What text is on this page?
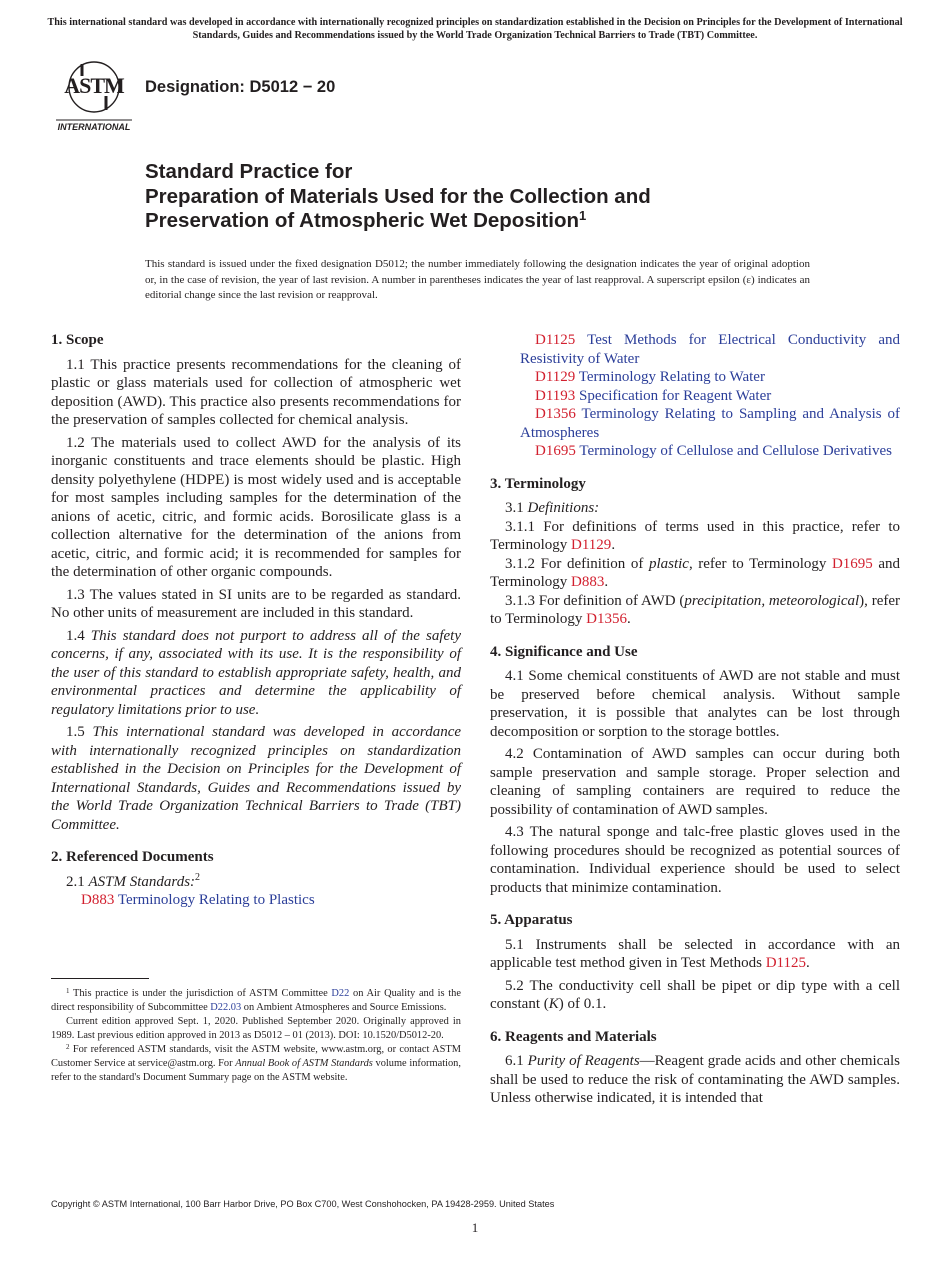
This international standard was developed in accordance with internationally recognized principles on standardization established in the Decision on Principles for the Development of International Standards, Guides and Recommendations issued by the World Trade Organization Technical Barriers to Trade (TBT) Committee.
ASTM
INTERNATIONAL
Designation: D5012 − 20
Standard Practice for
Preparation of Materials Used for the Collection and
Preservation of Atmospheric Wet Deposition$^1$
This standard is issued under the fixed designation D5012; the number immediately following the designation indicates the year of original adoption or, in the case of revision, the year of last revision. A number in parentheses indicates the year of last reapproval. A superscript epsilon (ε) indicates an editorial change since the last revision or reapproval.
1. Scope

1.1 This practice presents recommendations for the cleaning of plastic or glass materials used for collection of atmospheric wet deposition (AWD). This practice also presents recommendations for the preservation of samples collected for chemical analysis.

1.2 The materials used to collect AWD for the analysis of its inorganic constituents and trace elements should be plastic. High density polyethylene (HDPE) is most widely used and is acceptable for most samples including samples for the determination of the anions of acetic, citric, and formic acids. Borosilicate glass is a collection alternative for the determination of the anions from acetic, citric, and formic acid; it is recommended for samples for the determination of other organic compounds.

1.3 The values stated in SI units are to be regarded as standard. No other units of measurement are included in this standard.

1.4 This standard does not purport to address all of the safety concerns, if any, associated with its use. It is the responsibility of the user of this standard to establish appropriate safety, health, and environmental practices and determine the applicability of regulatory limitations prior to use.

1.5 This international standard was developed in accordance with internationally recognized principles on standardization established in the Decision on Principles for the Development of International Standards, Guides and Recommendations issued by the World Trade Organization Technical Barriers to Trade (TBT) Committee.

2. Referenced Documents

2.1 ASTM Standards:$^2$

D883 Terminology Relating to Plastics

$^1$ This practice is under the jurisdiction of ASTM Committee D22 on Air Quality and is the direct responsibility of Subcommittee D22.03 on Ambient Atmospheres and Source Emissions.

Current edition approved Sept. 1, 2020. Published September 2020. Originally approved in 1989. Last previous edition approved in 2013 as D5012 – 01 (2013). DOI: 10.1520/D5012-20.

$^2$ For referenced ASTM standards, visit the ASTM website, www.astm.org, or contact ASTM Customer Service at service@astm.org. For Annual Book of ASTM Standards volume information, refer to the standard's Document Summary page on the ASTM website.

D1125 Test Methods for Electrical Conductivity and Resistivity of Water

D1129 Terminology Relating to Water

D1193 Specification for Reagent Water

D1356 Terminology Relating to Sampling and Analysis of Atmospheres

D1695 Terminology of Cellulose and Cellulose Derivatives

3. Terminology

3.1 Definitions:

3.1.1 For definitions of terms used in this practice, refer to Terminology D1129.

3.1.2 For definition of plastic, refer to Terminology D1695 and Terminology D883.

3.1.3 For definition of AWD (precipitation, meteorological), refer to Terminology D1356.

4. Significance and Use

4.1 Some chemical constituents of AWD are not stable and must be preserved before chemical analysis. Without sample preservation, it is possible that analytes can be lost through decomposition or sorption to the storage bottles.

4.2 Contamination of AWD samples can occur during both sample preservation and sample storage. Proper selection and cleaning of sampling containers are required to reduce the possibility of contamination of AWD samples.

4.3 The natural sponge and talc-free plastic gloves used in the following procedures should be recognized as potential sources of contamination. Individual experience should be used to select products that minimize contamination.

5. Apparatus

5.1 Instruments shall be selected in accordance with an applicable test method given in Test Methods D1125.

5.2 The conductivity cell shall be pipet or dip type with a cell constant (K) of 0.1.

6. Reagents and Materials

6.1 Purity of Reagents—Reagent grade acids and other chemicals shall be used to reduce the risk of contaminating the AWD samples. Unless otherwise indicated, it is intended that

Copyright © ASTM International, 100 Barr Harbor Drive, PO Box C700, West Conshohocken, PA 19428-2959. United States
1
